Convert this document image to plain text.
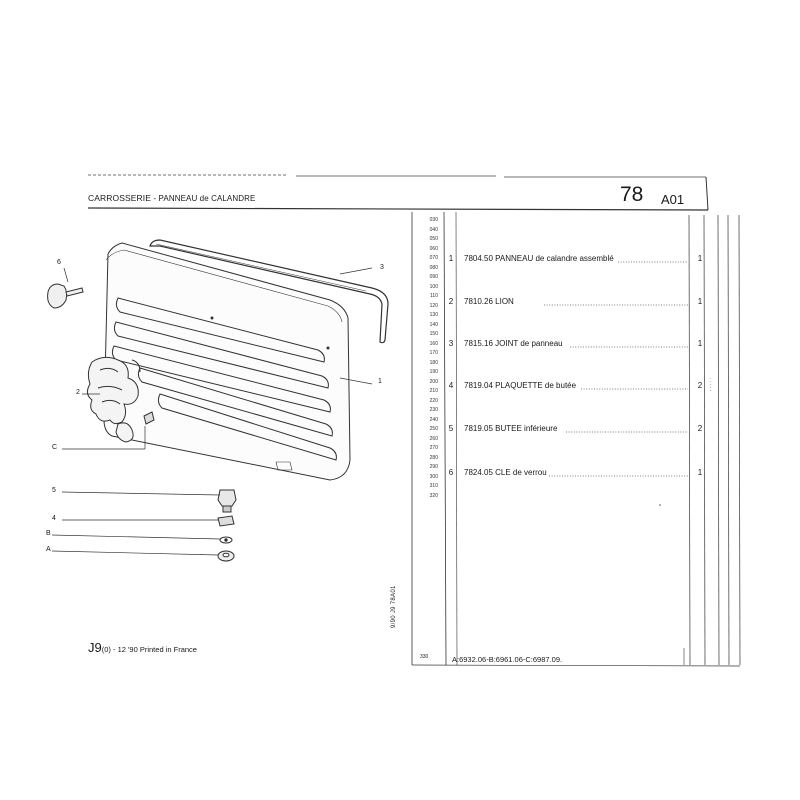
CARROSSERIE - PANNEAU de CALANDRE	78 A01
030
040
050
060
070
080
090
100
110
120
130
140
150
160
170
180
190
200
210
220
230
240
250
260
270
280
290
300
310
320
1	7804.50 PANNEAU de calandre assemblé	1
2	7810.26 LION	1
3	7815.16 JOINT de panneau	1
4	7819.04 PLAQUETTE de butée	2
5	7819.05 BUTEE inférieure	2
6	7824.05 CLE de verrou	1
6
2
C
3
1
5
4
B
A
9/90 J9 78A01
J9(0) - 12 '90 Printed in France
330	A:6932.06-B:6961.06-C:6987.09.
